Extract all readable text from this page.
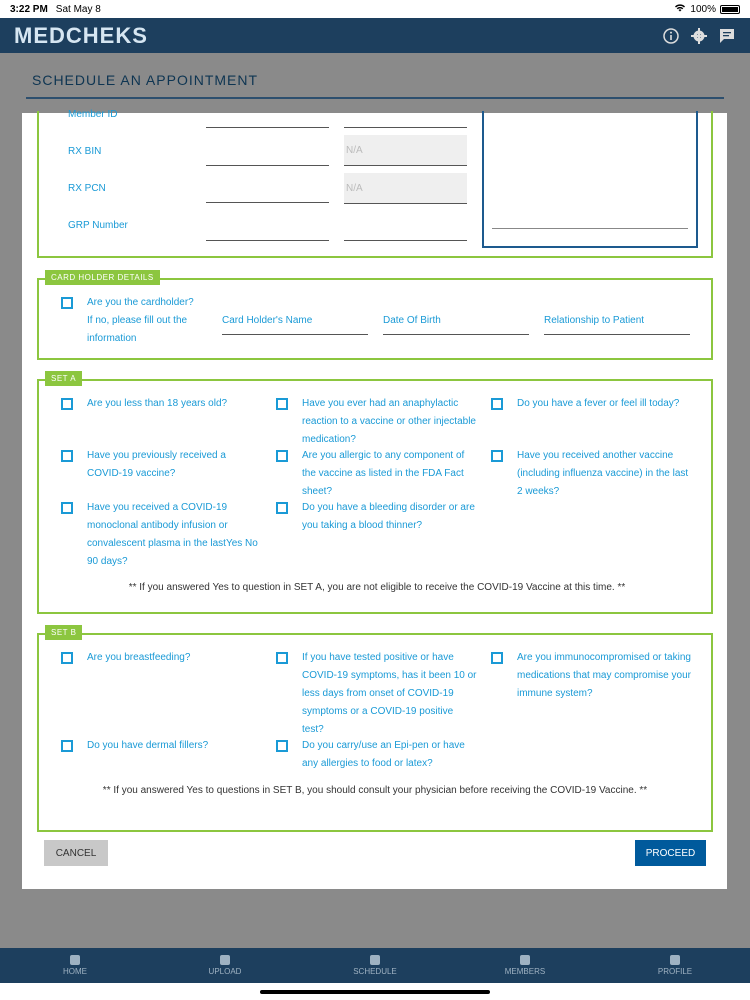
3:22 PM Sat May 8	100%
MEDCHEKS
SCHEDULE AN APPOINTMENT
Member ID
RX BIN	N/A
RX PCN	N/A
GRP Number
CARD HOLDER DETAILS
Are you the cardholder?
If no, please fill out the information
Card Holder's Name	Date Of Birth	Relationship to Patient
SET A
Are you less than 18 years old?	Have you ever had an anaphylactic reaction to a vaccine or other injectable medication?
Do you have a fever or feel ill today?
Have you previously received a COVID-19 vaccine?
Are you allergic to any component of the vaccine as listed in the FDA Fact sheet?
Have you received another vaccine (including influenza vaccine) in the last 2 weeks?
Have you received a COVID-19 monoclonal antibody infusion or convalescent plasma in the lastYes No 90 days?
Do you have a bleeding disorder or are you taking a blood thinner?
** If you answered Yes to question in SET A, you are not eligible to receive the COVID-19 Vaccine at this time. **
SET B
Are you breastfeeding?	If you have tested positive or have COVID-19 symptoms, has it been 10 or less days from onset of COVID-19 symptoms or a COVID-19 positive test?
Are you immunocompromised or taking medications that may compromise your immune system?
Do you have dermal fillers?	Do you carry/use an Epi-pen or have any allergies to food or latex?
** If you answered Yes to questions in SET B, you should consult your physician before receiving the COVID-19 Vaccine. **
CANCEL	PROCEED
HOME	UPLOAD	SCHEDULE	MEMBERS	PROFILE
